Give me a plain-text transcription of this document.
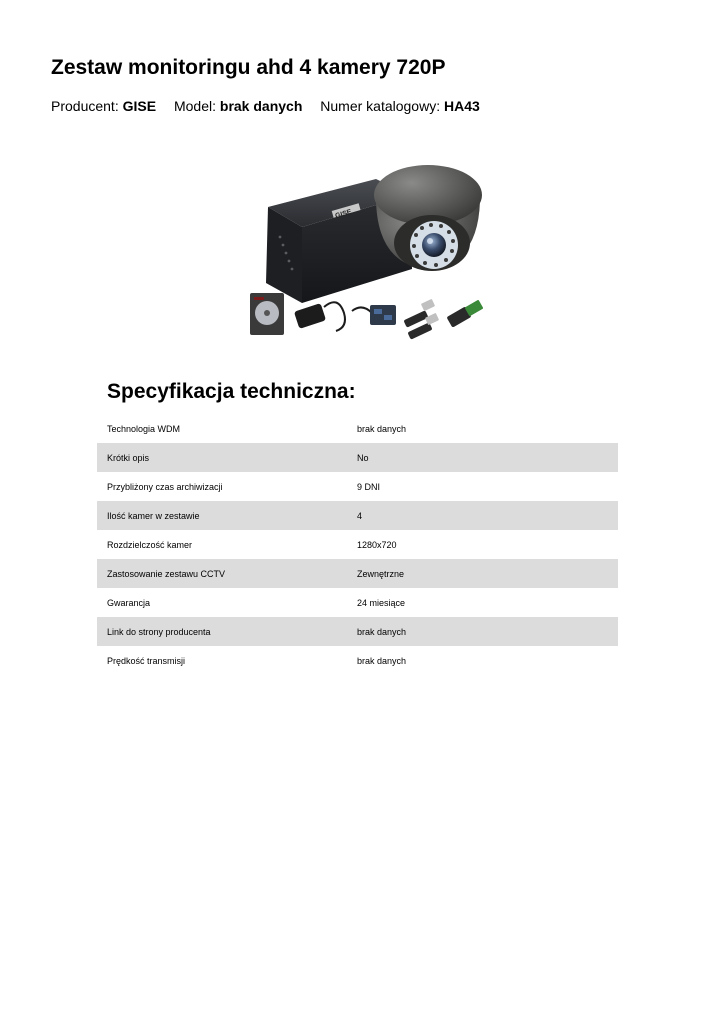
Zestaw monitoringu ahd 4 kamery 720P
Producent: GISE Model: brak danych Numer katalogowy: HA43
GISE
Specyfikacja techniczna:
Technologia WDM	brak danych
Krótki opis	No
Przybliżony czas archiwizacji	9 DNI
Ilość kamer w zestawie	4
Rozdzielczość kamer	1280x720
Zastosowanie zestawu CCTV	Zewnętrzne
Gwarancja	24 miesiące
Link do strony producenta	brak danych
Prędkość transmisji	brak danych
